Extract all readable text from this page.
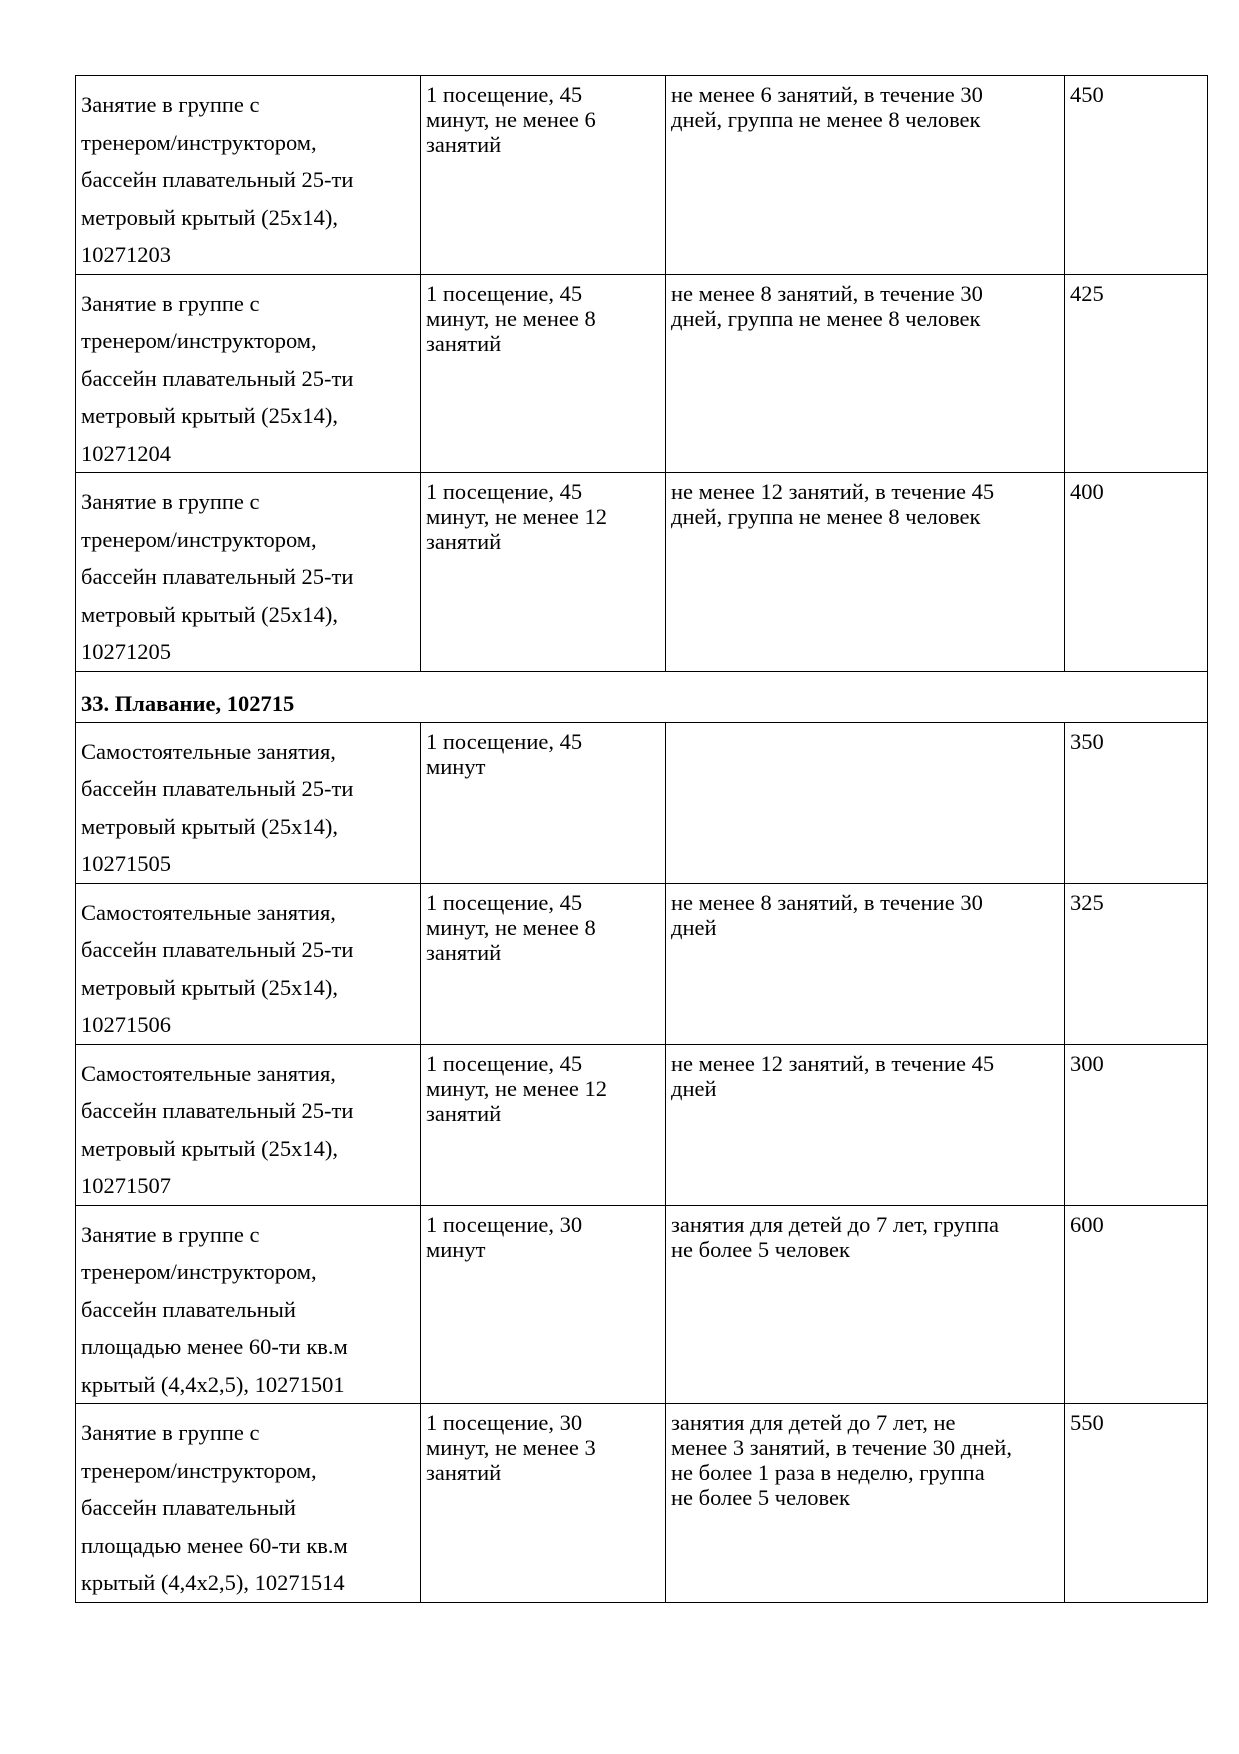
Занятие в группе с
тренером/инструктором,
бассейн плавательный 25-ти
метровый крытый (25х14),
10271203	1 посещение, 45
минут, не менее 6
занятий	не менее 6 занятий, в течение 30
дней, группа не менее 8 человек	450
Занятие в группе с
тренером/инструктором,
бассейн плавательный 25-ти
метровый крытый (25х14),
10271204	1 посещение, 45
минут, не менее 8
занятий	не менее 8 занятий, в течение 30
дней, группа не менее 8 человек	425
Занятие в группе с
тренером/инструктором,
бассейн плавательный 25-ти
метровый крытый (25х14),
10271205	1 посещение, 45
минут, не менее 12
занятий	не менее 12 занятий, в течение 45
дней, группа не менее 8 человек	400
33. Плавание, 102715			
Самостоятельные занятия,
бассейн плавательный 25-ти
метровый крытый (25х14),
10271505	1 посещение, 45
минут		350
Самостоятельные занятия,
бассейн плавательный 25-ти
метровый крытый (25х14),
10271506	1 посещение, 45
минут, не менее 8
занятий	не менее 8 занятий, в течение 30
дней	325
Самостоятельные занятия,
бассейн плавательный 25-ти
метровый крытый (25х14),
10271507	1 посещение, 45
минут, не менее 12
занятий	не менее 12 занятий, в течение 45
дней	300
Занятие в группе с
тренером/инструктором,
бассейн плавательный
площадью менее 60-ти кв.м
крытый (4,4х2,5), 10271501	1 посещение, 30
минут	занятия для детей до 7 лет, группа
не более 5 человек	600
Занятие в группе с
тренером/инструктором,
бассейн плавательный
площадью менее 60-ти кв.м
крытый (4,4х2,5), 10271514	1 посещение, 30
минут, не менее 3
занятий	занятия для детей до 7 лет, не
менее 3 занятий, в течение 30 дней,
не более 1 раза в неделю, группа
не более 5 человек	550
